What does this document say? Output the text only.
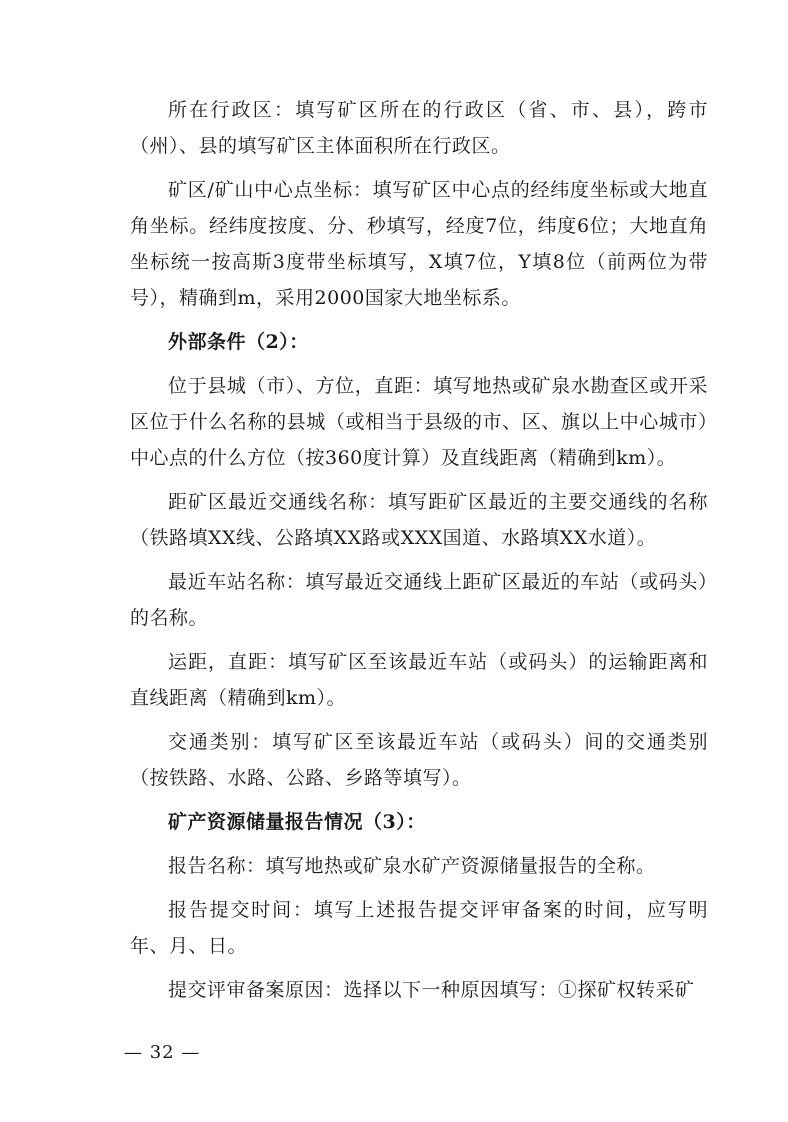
所在行政区：填写矿区所在的行政区（省、市、县），跨市（州）、县的填写矿区主体面积所在行政区。

矿区/矿山中心点坐标：填写矿区中心点的经纬度坐标或大地直角坐标。经纬度按度、分、秒填写，经度7位，纬度6位；大地直角坐标统一按高斯3度带坐标填写，X填7位，Y填8位（前两位为带号），精确到m，采用2000国家大地坐标系。

外部条件（2）：

位于县城（市）、方位，直距：填写地热或矿泉水勘查区或开采区位于什么名称的县城（或相当于县级的市、区、旗以上中心城市）中心点的什么方位（按360度计算）及直线距离（精确到km）。

距矿区最近交通线名称：填写距矿区最近的主要交通线的名称（铁路填XX线、公路填XX路或XXX国道、水路填XX水道）。

最近车站名称：填写最近交通线上距矿区最近的车站（或码头）的名称。

运距，直距：填写矿区至该最近车站（或码头）的运输距离和直线距离（精确到km）。

交通类别：填写矿区至该最近车站（或码头）间的交通类别（按铁路、水路、公路、乡路等填写）。

矿产资源储量报告情况（3）：

报告名称：填写地热或矿泉水矿产资源储量报告的全称。

报告提交时间：填写上述报告提交评审备案的时间，应写明年、月、日。

提交评审备案原因：选择以下一种原因填写：①探矿权转采矿

— 32 —
